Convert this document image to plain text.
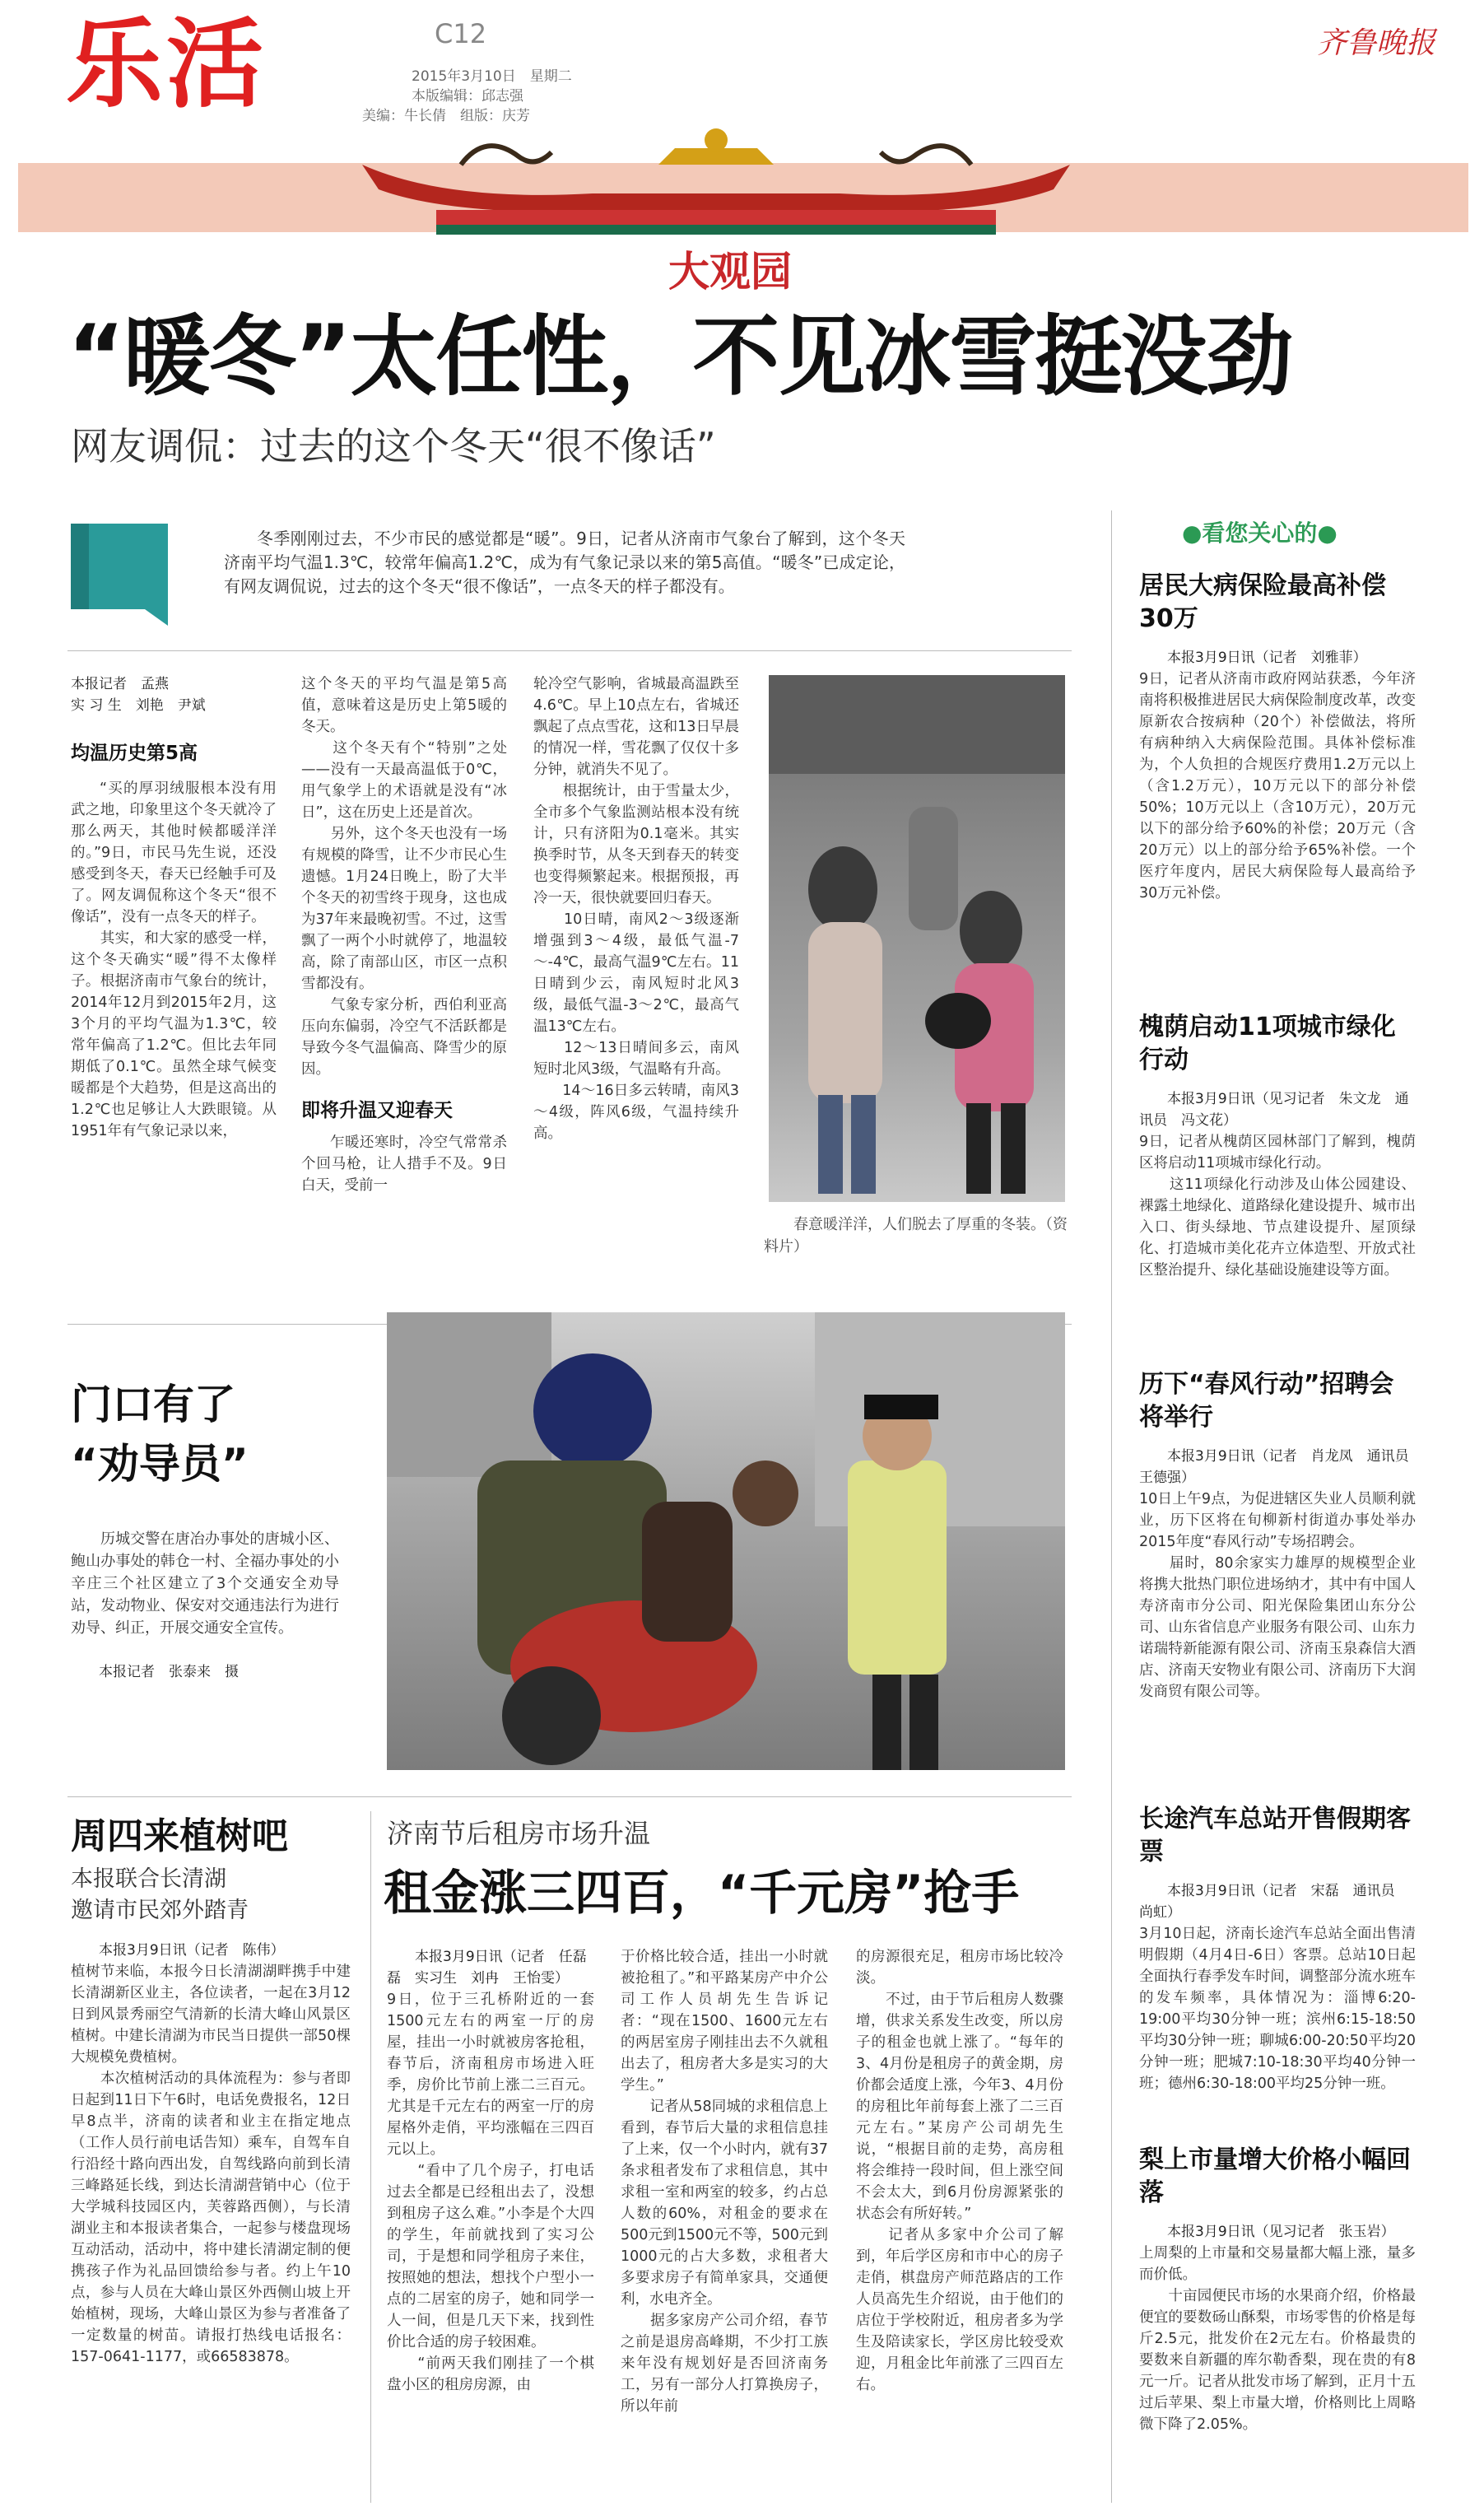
乐活	C12
2015年3月10日　星期二
本版编辑：邱志强
美编：牛长倩　组版：庆芳
齐鲁晚报
大观园
“暖冬”太任性，不见冰雪挺没劲
网友调侃：过去的这个冬天“很不像话”

冬季刚刚过去，不少市民的感觉都是“暖”。9日，记者从济南市气象台了解到，这个冬天济南平均气温1.3℃，较常年偏高1.2℃，成为有气象记录以来的第5高值。“暖冬”已成定论，有网友调侃说，过去的这个冬天“很不像话”，一点冬天的样子都没有。

本报记者　孟燕
实 习 生　刘艳　尹斌
均温历史第5高

“买的厚羽绒服根本没有用武之地，印象里这个冬天就冷了那么两天，其他时候都暖洋洋的。”9日，市民马先生说，还没感受到冬天，春天已经触手可及了。网友调侃称这个冬天“很不像话”，没有一点冬天的样子。
　　其实，和大家的感受一样，这个冬天确实“暖”得不太像样子。根据济南市气象台的统计，2014年12月到2015年2月，这3个月的平均气温为1.3℃，较常年偏高了1.2℃。但比去年同期低了0.1℃。虽然全球气候变暖都是个大趋势，但是这高出的1.2℃也足够让人大跌眼镜。从1951年有气象记录以来，

这个冬天的平均气温是第5高值，意味着这是历史上第5暖的冬天。
　　这个冬天有个“特别”之处——没有一天最高温低于0℃，用气象学上的术语就是没有“冰日”，这在历史上还是首次。
　　另外，这个冬天也没有一场有规模的降雪，让不少市民心生遗憾。1月24日晚上，盼了大半个冬天的初雪终于现身，这也成为37年来最晚初雪。不过，这雪飘了一两个小时就停了，地温较高，除了南部山区，市区一点积雪都没有。
　　气象专家分析，西伯利亚高压向东偏弱，冷空气不活跃都是导致今冬气温偏高、降雪少的原因。

即将升温又迎春天

乍暖还寒时，冷空气常常杀个回马枪，让人措手不及。9日白天，受前一

轮冷空气影响，省城最高温跌至4.6℃。早上10点左右，省城还飘起了点点雪花，这和13日早晨的情况一样，雪花飘了仅仅十多分钟，就消失不见了。
　　根据统计，由于雪量太少，全市多个气象监测站根本没有统计，只有济阳为0.1毫米。其实换季时节，从冬天到春天的转变也变得频繁起来。根据预报，再冷一天，很快就要回归春天。
　　10日晴，南风2～3级逐渐增强到3～4级，最低气温-7～-4℃，最高气温9℃左右。11日晴到少云，南风短时北风3级，最低气温-3～2℃，最高气温13℃左右。
　　12～13日晴间多云，南风短时北风3级，气温略有升高。
　　14～16日多云转晴，南风3～4级，阵风6级，气温持续升高。

春意暖洋洋，人们脱去了厚重的冬装。（资料片）
●看您关心的●
居民大病保险最高补偿30万
本报3月9日讯（记者　刘雅菲）

9日，记者从济南市政府网站获悉，今年济南将积极推进居民大病保险制度改革，改变原新农合按病种（20个）补偿做法，将所有病种纳入大病保险范围。具体补偿标准为，个人负担的合规医疗费用1.2万元以上（含1.2万元），10万元以下的部分补偿50%；10万元以上（含10万元），20万元以下的部分给予60%的补偿；20万元（含20万元）以上的部分给予65%补偿。一个医疗年度内，居民大病保险每人最高给予30万元补偿。

槐荫启动11项城市绿化行动
本报3月9日讯（见习记者　朱文龙　通讯员　冯文花）

9日，记者从槐荫区园林部门了解到，槐荫区将启动11项城市绿化行动。
　　这11项绿化行动涉及山体公园建设、裸露土地绿化、道路绿化建设提升、城市出入口、街头绿地、节点建设提升、屋顶绿化、打造城市美化花卉立体造型、开放式社区整治提升、绿化基础设施建设等方面。

历下“春风行动”招聘会将举行
本报3月9日讯（记者　肖龙凤　通讯员　王德强）

10日上午9点，为促进辖区失业人员顺利就业，历下区将在旬柳新村街道办事处举办2015年度“春风行动”专场招聘会。
　　届时，80余家实力雄厚的规模型企业将携大批热门职位进场纳才，其中有中国人寿济南市分公司、阳光保险集团山东分公司、山东省信息产业服务有限公司、山东力诺瑞特新能源有限公司、济南玉泉森信大酒店、济南天安物业有限公司、济南历下大润发商贸有限公司等。

长途汽车总站开售假期客票
本报3月9日讯（记者　宋磊　通讯员　尚虹）

3月10日起，济南长途汽车总站全面出售清明假期（4月4日-6日）客票。总站10日起全面执行春季发车时间，调整部分流水班车的发车频率，具体情况为：淄博6:20-19:00平均30分钟一班；滨州6:15-18:50平均30分钟一班；聊城6:00-20:50平均20分钟一班；肥城7:10-18:30平均40分钟一班；德州6:30-18:00平均25分钟一班。

梨上市量增大价格小幅回落
本报3月9日讯（见习记者　张玉岩）

上周梨的上市量和交易量都大幅上涨，量多而价低。
　　十亩园便民市场的水果商介绍，价格最便宜的要数砀山酥梨，市场零售的价格是每斤2.5元，批发价在2元左右。价格最贵的要数来自新疆的库尔勒香梨，现在贵的有8元一斤。记者从批发市场了解到，正月十五过后苹果、梨上市量大增，价格则比上周略微下降了2.05%。

门口有了
“劝导员”

历城交警在唐冶办事处的唐城小区、鲍山办事处的韩仓一村、全福办事处的小辛庄三个社区建立了3个交通安全劝导站，发动物业、保安对交通违法行为进行劝导、纠正，开展交通安全宣传。

本报记者　张泰来　摄
周四来植树吧
本报联合长清湖
邀请市民郊外踏青
本报3月9日讯（记者　陈伟）

植树节来临，本报今日长清湖湖畔携手中建长清湖新区业主，各位读者，一起在3月12日到风景秀丽空气清新的长清大峰山风景区植树。中建长清湖为市民当日提供一部50棵大规模免费植树。
　　本次植树活动的具体流程为：参与者即日起到11日下午6时，电话免费报名，12日早8点半，济南的读者和业主在指定地点（工作人员行前电话告知）乘车，自驾车自行沿经十路向西出发，自驾线路向前到长清三峰路延长线，到达长清湖营销中心（位于大学城科技园区内，芙蓉路西侧），与长清湖业主和本报读者集合，一起参与楼盘现场互动活动，活动中，将中建长清湖定制的便携孩子作为礼品回馈给参与者。约上午10点，参与人员在大峰山景区外西侧山坡上开始植树，现场，大峰山景区为参与者准备了一定数量的树苗。请报打热线电话报名：157-0641-1177，或66583878。

济南节后租房市场升温
租金涨三四百，“千元房”抢手
本报3月9日讯（记者　任磊磊　实习生　刘冉　王怡雯）

9日，位于三孔桥附近的一套1500元左右的两室一厅的房屋，挂出一小时就被房客抢租，春节后，济南租房市场进入旺季，房价比节前上涨二三百元。尤其是千元左右的两室一厅的房屋格外走俏，平均涨幅在三四百元以上。
　　“看中了几个房子，打电话过去全都是已经租出去了，没想到租房子这么难。”小李是个大四的学生，年前就找到了实习公司，于是想和同学租房子来住，按照她的想法，想找个户型小一点的二居室的房子，她和同学一人一间，但是几天下来，找到性价比合适的房子较困难。
　　“前两天我们刚挂了一个棋盘小区的租房房源，由

于价格比较合适，挂出一小时就被抢租了。”和平路某房产中介公司工作人员胡先生告诉记者：“现在1500、1600元左右的两居室房子刚挂出去不久就租出去了，租房者大多是实习的大学生。”
　　记者从58同城的求租信息上看到，春节后大量的求租信息挂了上来，仅一个小时内，就有37条求租者发布了求租信息，其中求租一室和两室的较多，约占总人数的60%，对租金的要求在500元到1500元不等，500元到1000元的占大多数，求租者大多要求房子有简单家具，交通便利，水电齐全。
　　据多家房产公司介绍，春节之前是退房高峰期，不少打工族来年没有规划好是否回济南务工，另有一部分人打算换房子，所以年前

的房源很充足，租房市场比较冷淡。
　　不过，由于节后租房人数骤增，供求关系发生改变，所以房子的租金也就上涨了。“每年的3、4月份是租房子的黄金期，房价都会适度上涨，今年3、4月份的房租比年前每套上涨了二三百元左右。”某房产公司胡先生说，“根据目前的走势，高房租将会维持一段时间，但上涨空间不会太大，到6月份房源紧张的状态会有所好转。”
　　记者从多家中介公司了解到，年后学区房和市中心的房子走俏，棋盘房产师范路店的工作人员高先生介绍说，由于他们的店位于学校附近，租房者多为学生及陪读家长，学区房比较受欢迎，月租金比年前涨了三四百左右。
